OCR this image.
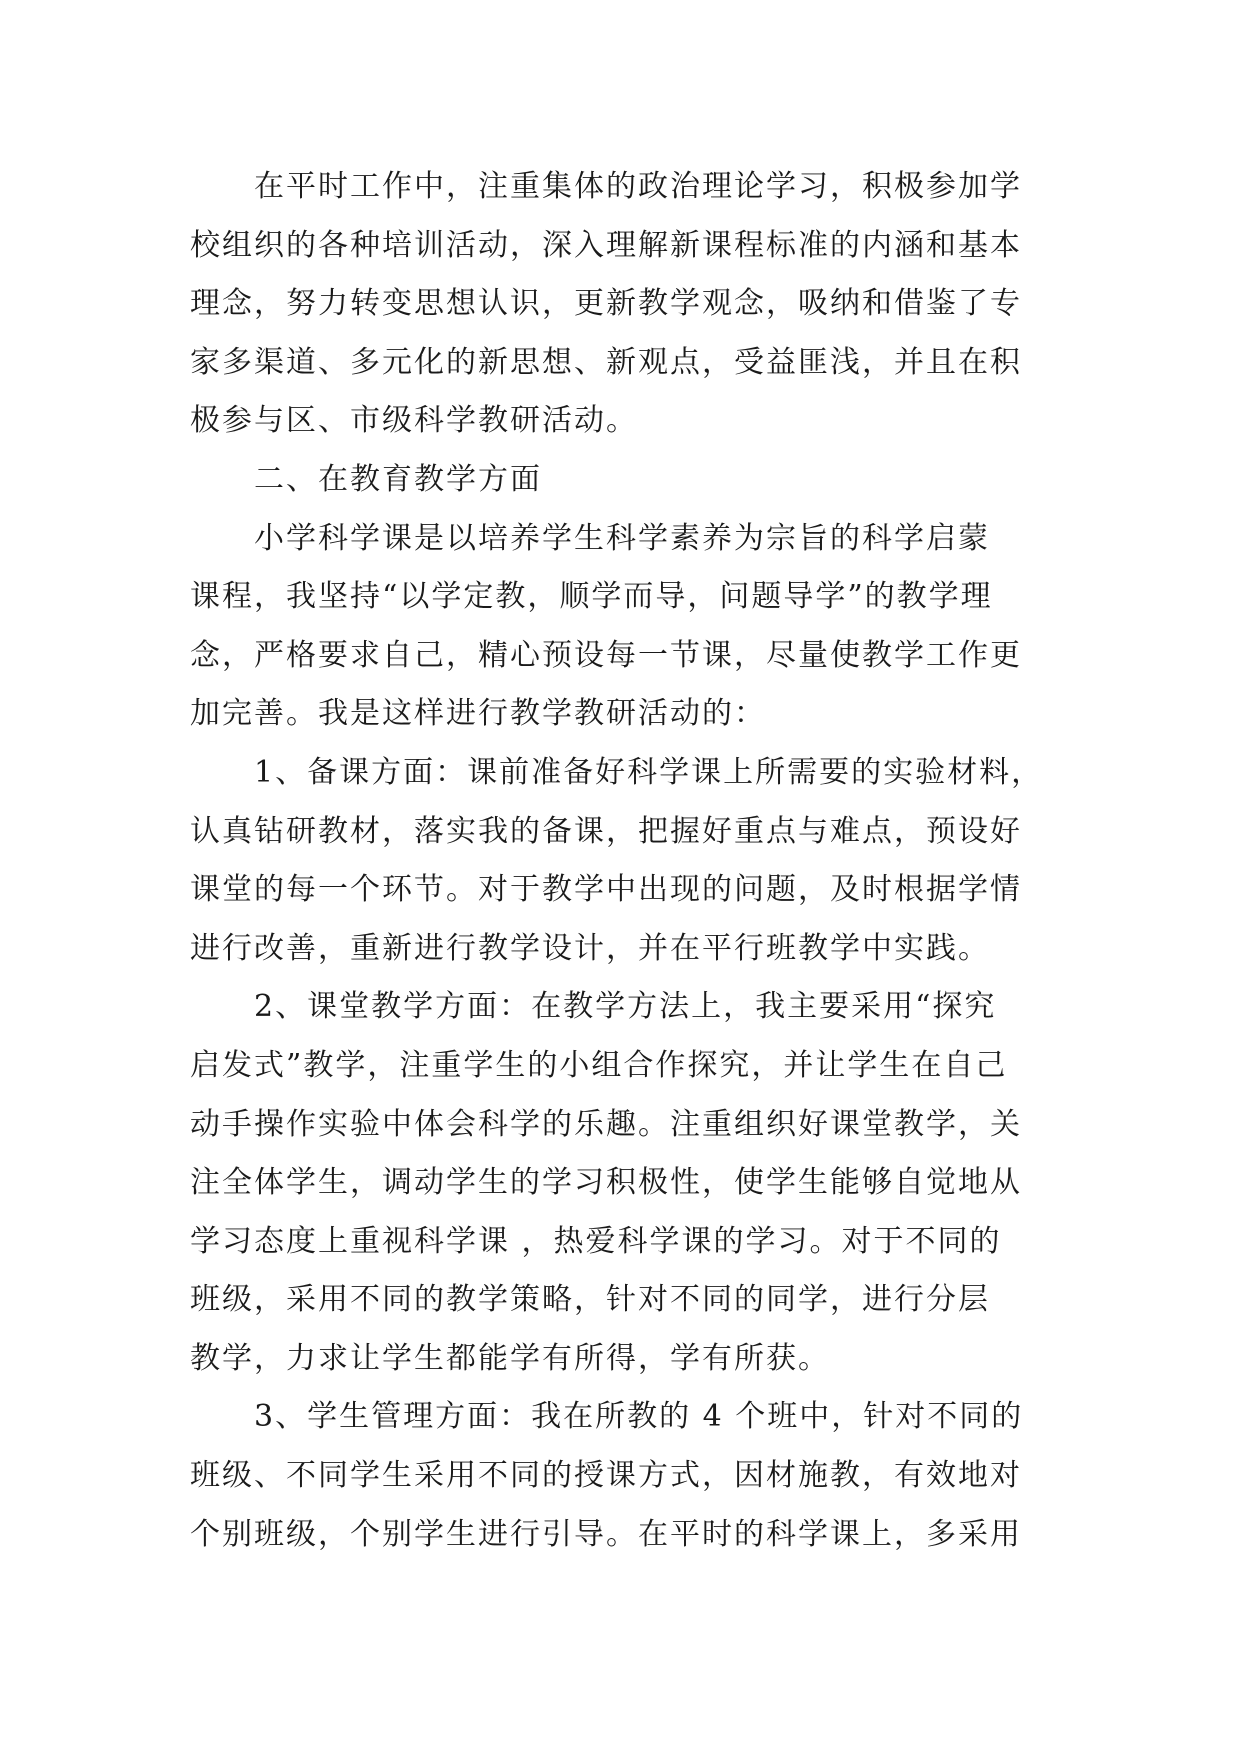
在平时工作中，注重集体的政治理论学习，积极参加学
校组织的各种培训活动，深入理解新课程标准的内涵和基本
理念，努力转变思想认识，更新教学观念，吸纳和借鉴了专
家多渠道、多元化的新思想、新观点，受益匪浅，并且在积
极参与区、市级科学教研活动。
二、在教育教学方面
小学科学课是以培养学生科学素养为宗旨的科学启蒙
课程，我坚持“以学定教，顺学而导，问题导学”的教学理
念，严格要求自己，精心预设每一节课，尽量使教学工作更
加完善。我是这样进行教学教研活动的：
1、备课方面：课前准备好科学课上所需要的实验材料，
认真钻研教材，落实我的备课，把握好重点与难点，预设好
课堂的每一个环节。对于教学中出现的问题，及时根据学情
进行改善，重新进行教学设计，并在平行班教学中实践。
2、课堂教学方面：在教学方法上，我主要采用“探究
启发式”教学，注重学生的小组合作探究，并让学生在自己
动手操作实验中体会科学的乐趣。注重组织好课堂教学，关
注全体学生，调动学生的学习积极性，使学生能够自觉地从
学习态度上重视科学课 ，热爱科学课的学习。对于不同的
班级，采用不同的教学策略，针对不同的同学，进行分层
教学，力求让学生都能学有所得，学有所获。
3、学生管理方面：我在所教的 4 个班中，针对不同的
班级、不同学生采用不同的授课方式，因材施教，有效地对
个别班级，个别学生进行引导。在平时的科学课上，多采用
